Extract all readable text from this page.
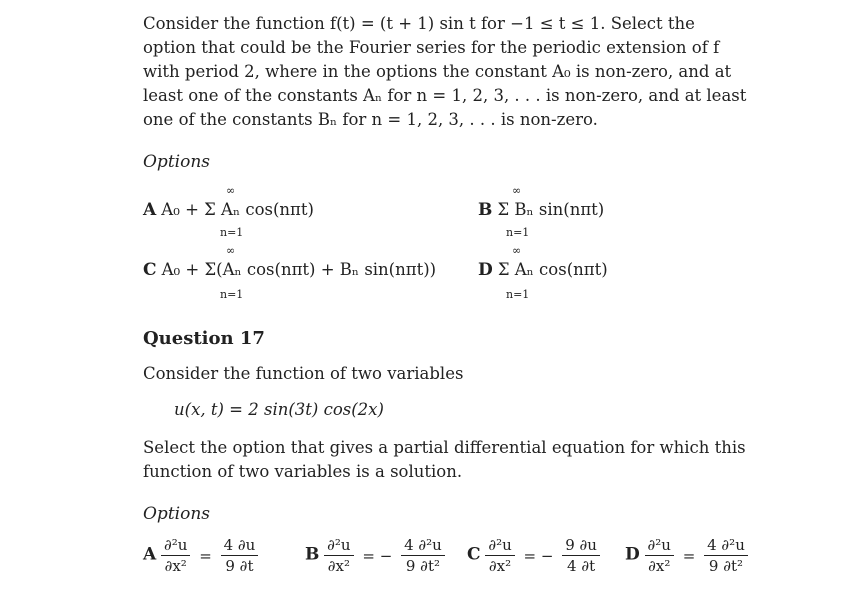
Consider the function f(t) = (t + 1) sin t for −1 ≤ t ≤ 1. Select the
option that could be the Fourier series for the periodic extension of f
with period 2, where in the options the constant A₀ is non-zero, and at
least one of the constants Aₙ for n = 1, 2, 3, . . . is non-zero, and at least
one of the constants Bₙ for n = 1, 2, 3, . . . is non-zero.
Options
A A₀ + Σ Aₙ cos(nπt)	B Σ Bₙ sin(nπt)
C A₀ + Σ(Aₙ cos(nπt) + Bₙ sin(nπt)) D Σ Aₙ cos(nπt)
∞
n=1
∞
n=1
∞
n=1
∞
n=1
Question 17
Consider the function of two variables
u(x, t) = 2 sin(3t) cos(2x)
Select the option that gives a partial differential equation for which this
function of two variables is a solution.
Options
A $\frac{\text{∂²u}}{\text{∂x²}} = \frac{4 \partial u}{9 \partial t}$	B $\frac{\text{∂²u}}{\text{∂x²}}$ = − $\frac{\text{4 ∂²u}}{\text{9 ∂t²}}$ C $\frac{\text{∂²u}}{\text{∂x²}}$ = − $\frac{9 \partial u}{4 \partial t}$ D $\frac{\text{∂²u}}{\text{∂x²}} = \frac{\text{4 ∂²u}}{\text{9 ∂t²}}$
